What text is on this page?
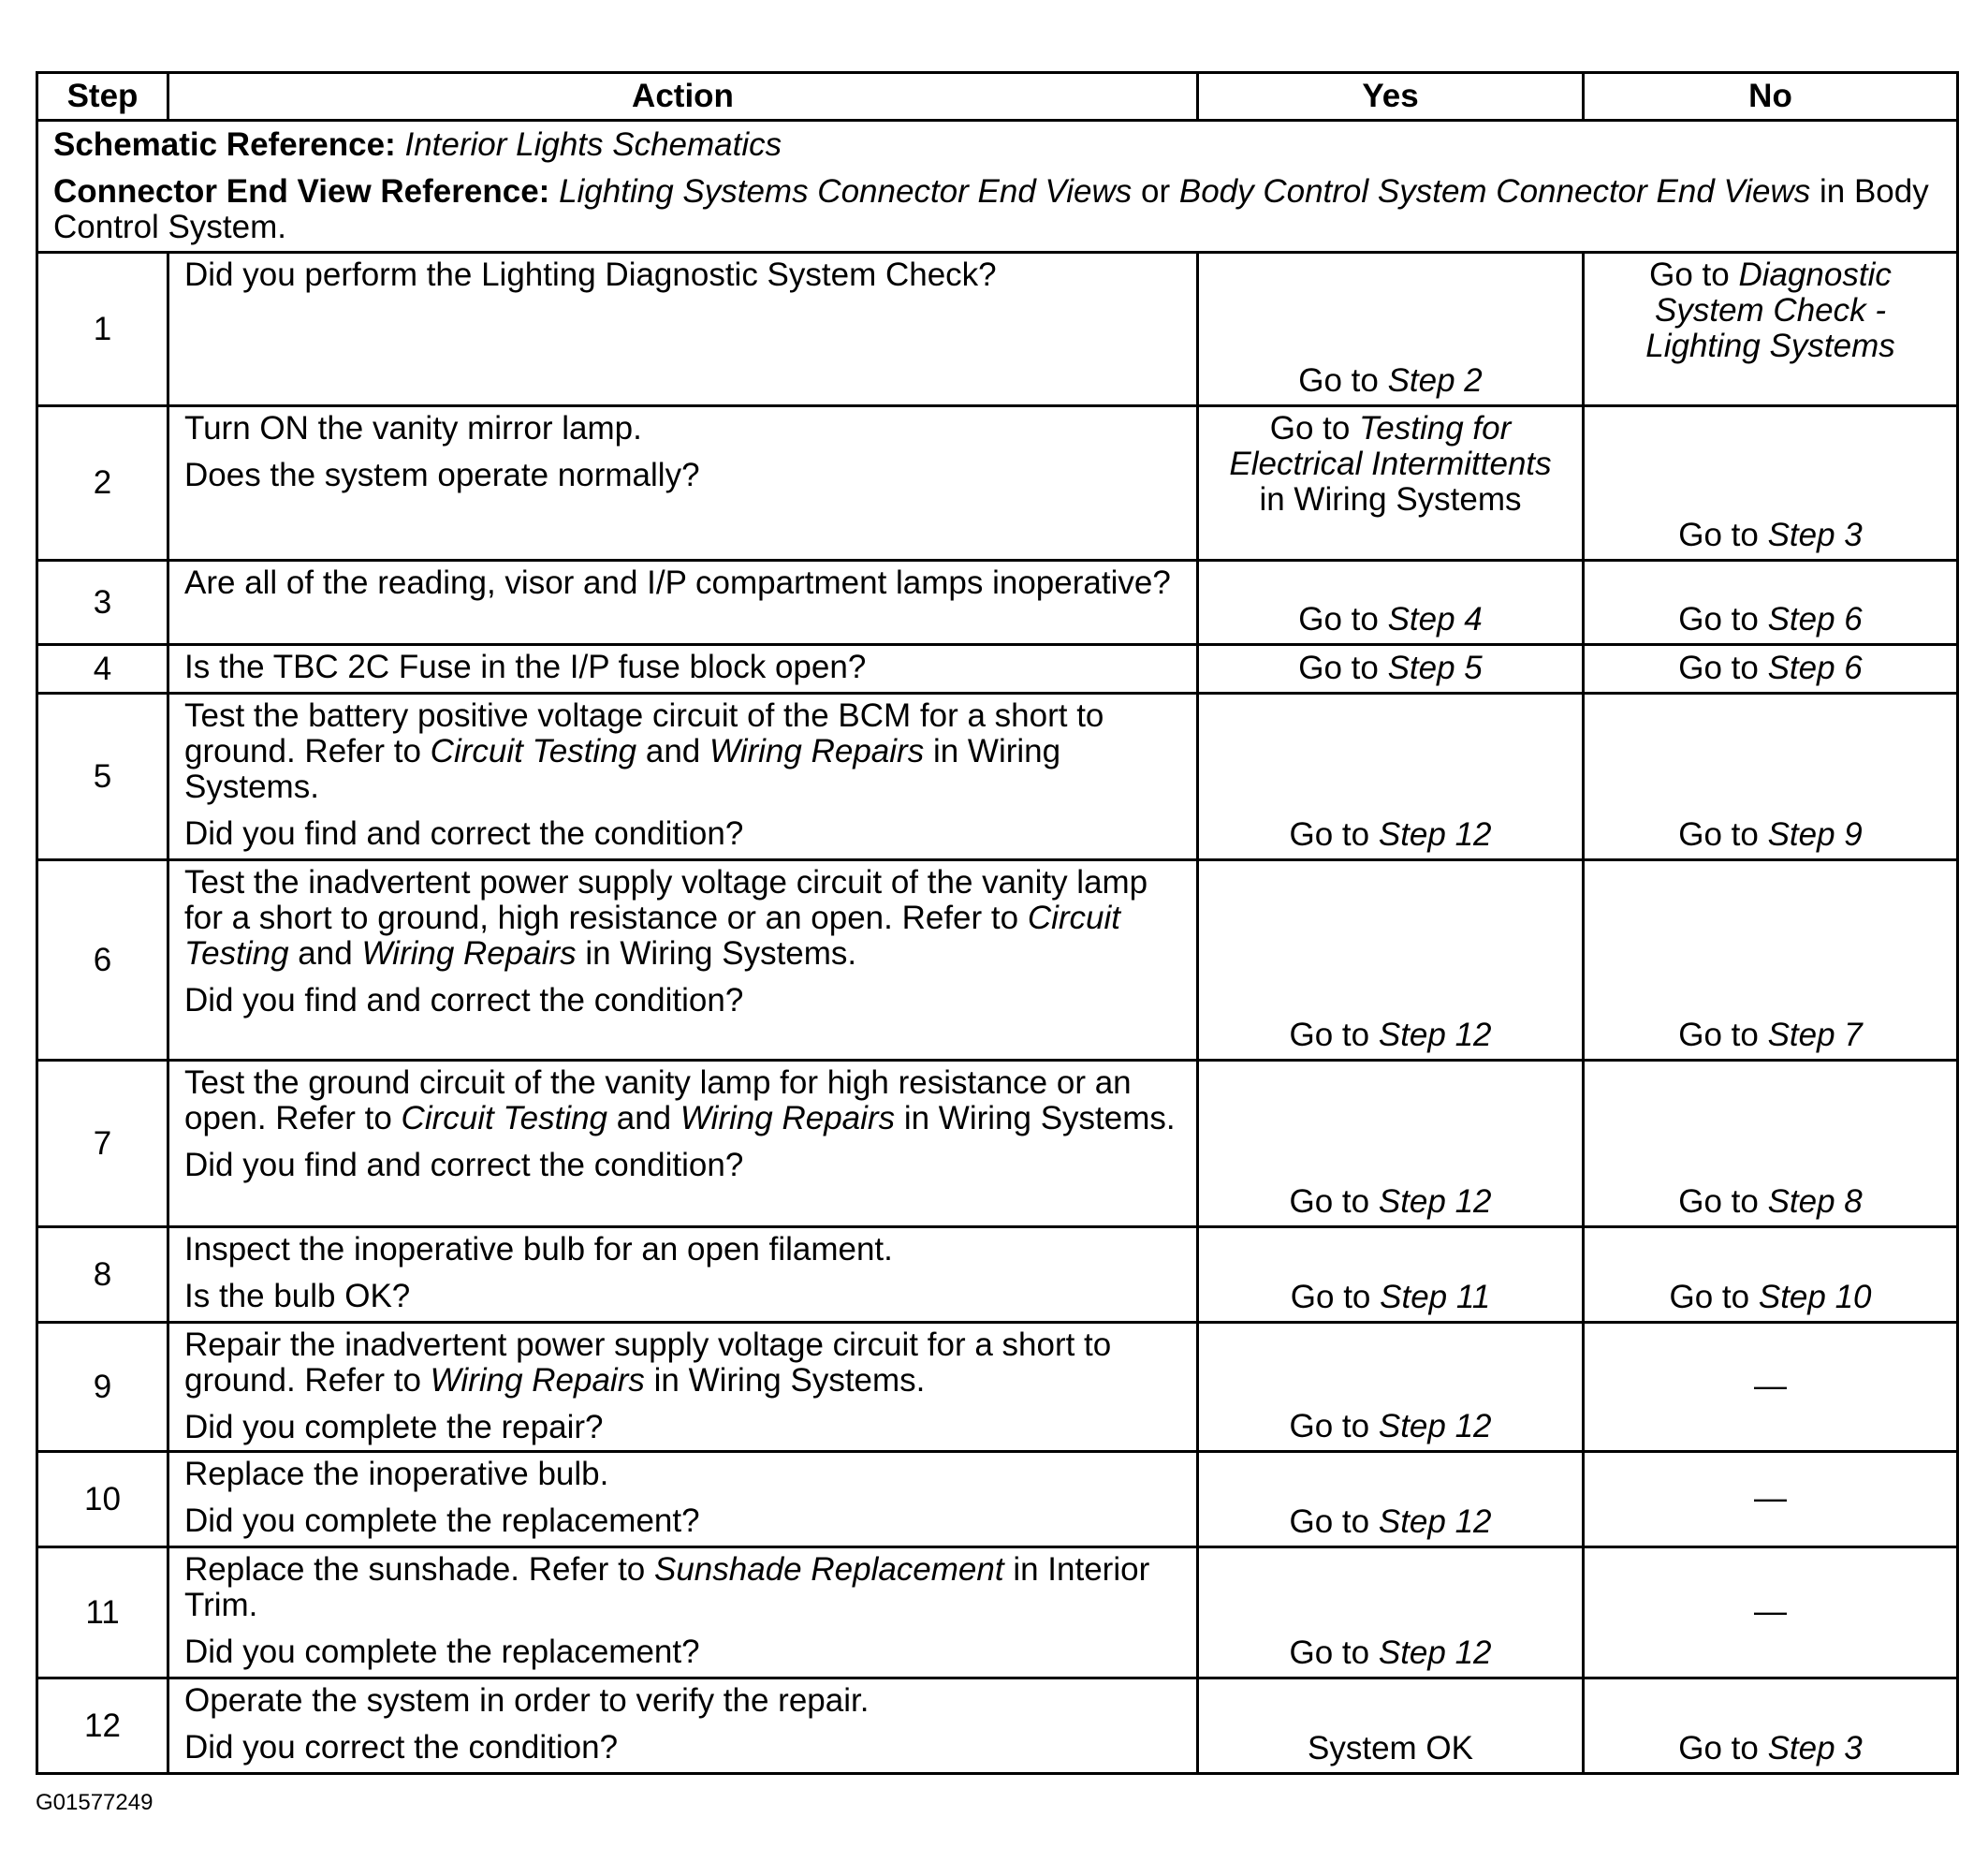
Step	Action	Yes	No

Schematic Reference: Interior Lights Schematics

Connector End View Reference: Lighting Systems Connector End Views or Body Control System Connector End Views in Body Control System.			

1	Did you perform the Lighting Diagnostic System Check?	Go to Step 2	Go to Diagnostic System Check - Lighting Systems
2	Turn ON the vanity mirror lamp.

Does the system operate normally?	Go to Testing for Electrical Intermittents in Wiring Systems	Go to Step 3
3	Are all of the reading, visor and I/P compartment lamps inoperative?	Go to Step 4	Go to Step 6
4	Is the TBC 2C Fuse in the I/P fuse block open?	Go to Step 5	Go to Step 6
5	Test the battery positive voltage circuit of the BCM for a short to ground. Refer to Circuit Testing and Wiring Repairs in Wiring Systems.

Did you find and correct the condition?	Go to Step 12	Go to Step 9
6	Test the inadvertent power supply voltage circuit of the vanity lamp for a short to ground, high resistance or an open. Refer to Circuit Testing and Wiring Repairs in Wiring Systems.

Did you find and correct the condition?	Go to Step 12	Go to Step 7
7	Test the ground circuit of the vanity lamp for high resistance or an open. Refer to Circuit Testing and Wiring Repairs in Wiring Systems.

Did you find and correct the condition?	Go to Step 12	Go to Step 8
8	Inspect the inoperative bulb for an open filament.

Is the bulb OK?	Go to Step 11	Go to Step 10
9	Repair the inadvertent power supply voltage circuit for a short to ground. Refer to Wiring Repairs in Wiring Systems.

Did you complete the repair?	Go to Step 12	—
10	Replace the inoperative bulb.

Did you complete the replacement?	Go to Step 12	—
11	Replace the sunshade. Refer to Sunshade Replacement in Interior Trim.

Did you complete the replacement?	Go to Step 12	—
12	Operate the system in order to verify the repair.

Did you correct the condition?	System OK	Go to Step 3
G01577249
